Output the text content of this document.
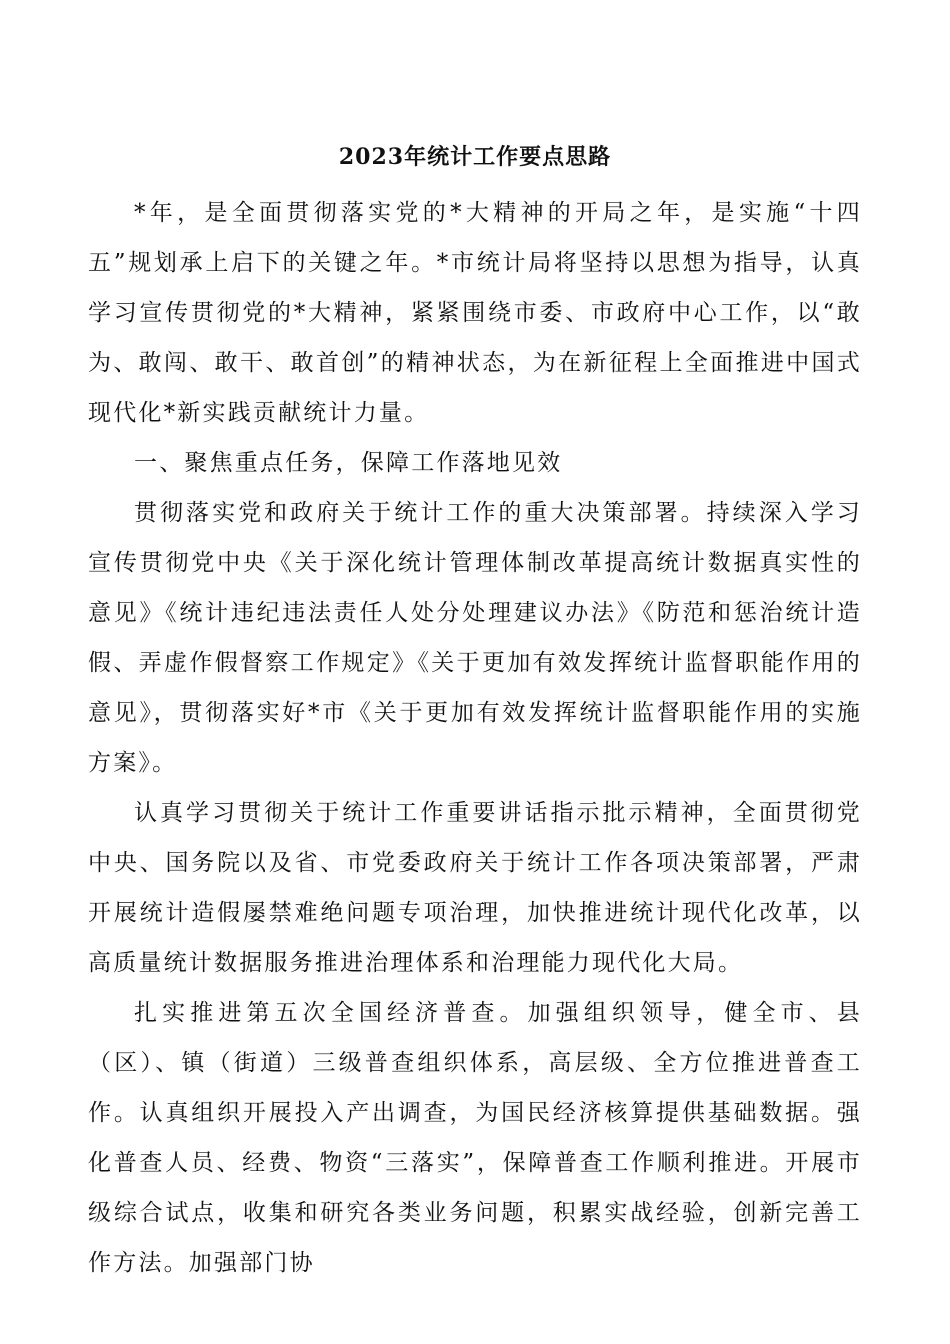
2023年统计工作要点思路

*年，是全面贯彻落实党的*大精神的开局之年，是实施“十四五”规划承上启下的关键之年。*市统计局将坚持以思想为指导，认真学习宣传贯彻党的*大精神，紧紧围绕市委、市政府中心工作，以“敢为、敢闯、敢干、敢首创”的精神状态，为在新征程上全面推进中国式现代化*新实践贡献统计力量。

一、聚焦重点任务，保障工作落地见效

贯彻落实党和政府关于统计工作的重大决策部署。持续深入学习宣传贯彻党中央《关于深化统计管理体制改革提高统计数据真实性的意见》《统计违纪违法责任人处分处理建议办法》《防范和惩治统计造假、弄虚作假督察工作规定》《关于更加有效发挥统计监督职能作用的意见》，贯彻落实好*市《关于更加有效发挥统计监督职能作用的实施方案》。

认真学习贯彻关于统计工作重要讲话指示批示精神，全面贯彻党中央、国务院以及省、市党委政府关于统计工作各项决策部署，严肃开展统计造假屡禁难绝问题专项治理，加快推进统计现代化改革，以高质量统计数据服务推进治理体系和治理能力现代化大局。

扎实推进第五次全国经济普查。加强组织领导，健全市、县（区）、镇（街道）三级普查组织体系，高层级、全方位推进普查工作。认真组织开展投入产出调查，为国民经济核算提供基础数据。强化普查人员、经费、物资“三落实”，保障普查工作顺利推进。开展市级综合试点，收集和研究各类业务问题，积累实战经验，创新完善工作方法。加强部门协
